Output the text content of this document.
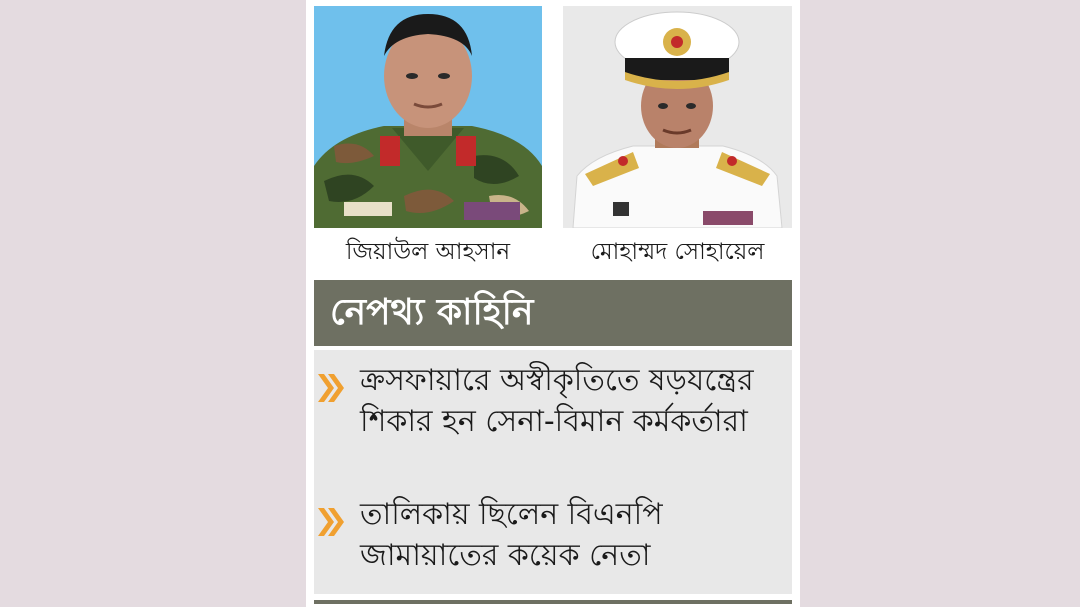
জিয়াউল আহসান	মোহাম্মদ সোহায়েল
নেপথ্য কাহিনি
ক্রসফায়ারে অস্বীকৃতিতে ষড়যন্ত্রের শিকার হন সেনা-বিমান কর্মকর্তারা
তালিকায় ছিলেন বিএনপি জামায়াতের কয়েক নেতা
